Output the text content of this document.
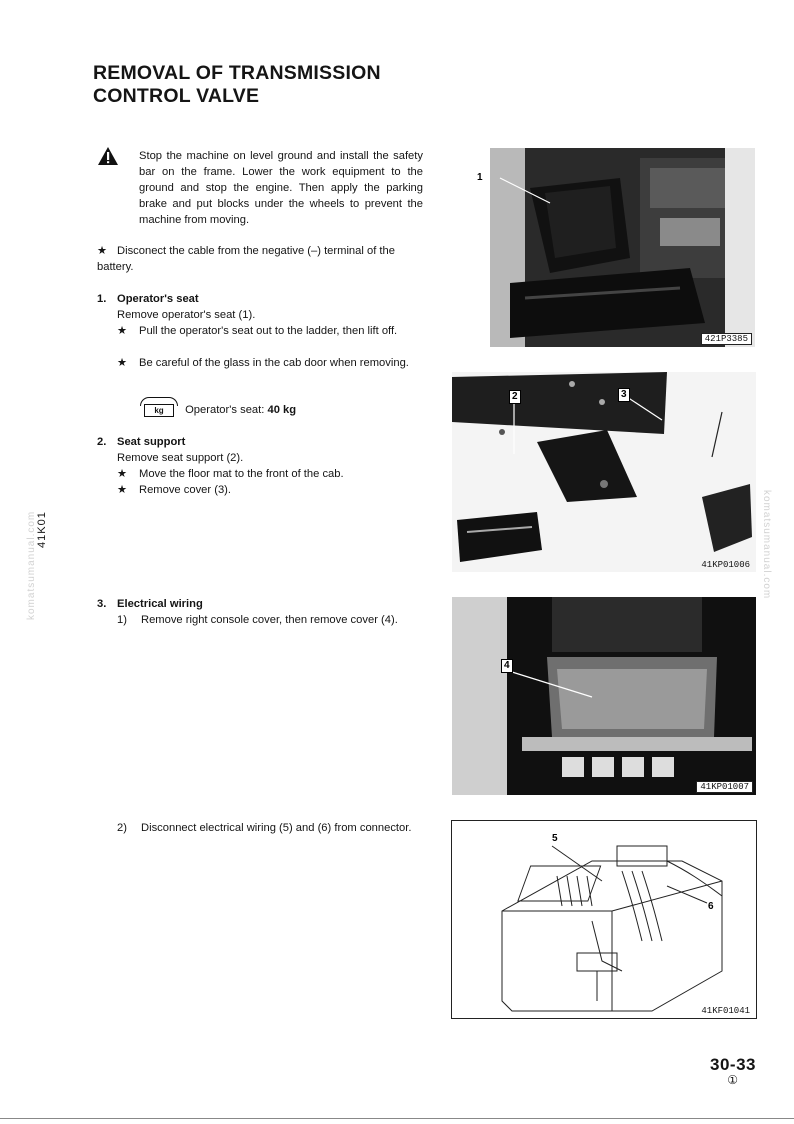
REMOVAL OF TRANSMISSION
CONTROL VALVE
Stop the machine on level ground and install the safety bar on the frame. Lower the work equipment to the ground and stop the engine. Then apply the parking brake and put blocks under the wheels to prevent the machine from moving.
★ Disconect the cable from the negative (–) terminal of the battery.
1. Operator's seat
Remove operator's seat (1).
★ Pull the operator's seat out to the ladder, then lift off.
★ Be careful of the glass in the cab door when removing.
kg Operator's seat: 40 kg
2. Seat support
Remove seat support (2).
★ Move the floor mat to the front of the cab.
★ Remove cover (3).
3. Electrical wiring
1) Remove right console cover, then remove cover (4).
2) Disconnect electrical wiring (5) and (6) from connector.
41K01
komatsumanual.com	komatsumanual.com
1
421P3385
2	3
41KP01006
4
41KP01007
5
6
41KF01041
30-33
①
